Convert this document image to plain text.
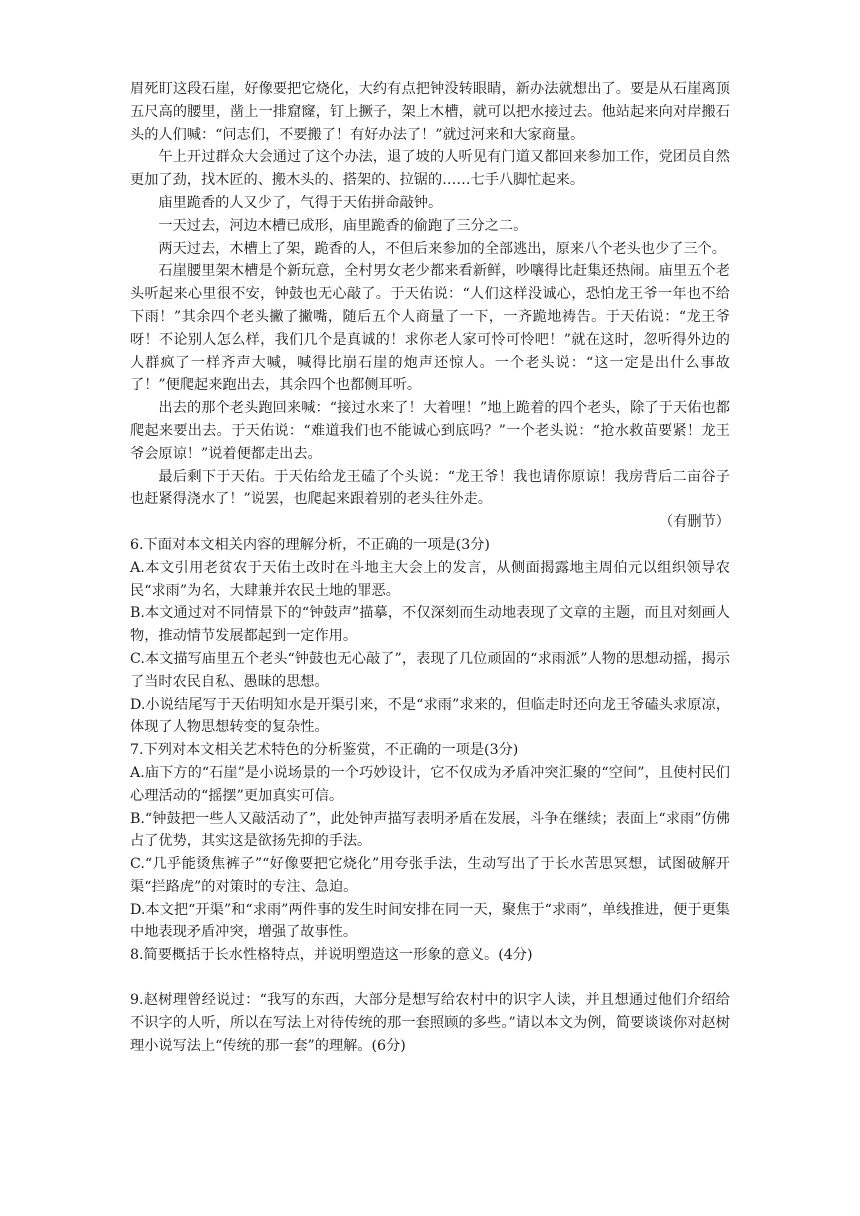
眉死盯这段石崖，好像要把它烧化，大约有点把钟没转眼睛，新办法就想出了。要是从石崖离顶五尺高的腰里，凿上一排窟窿，钉上撅子，架上木槽，就可以把水接过去。他站起来向对岸搬石头的人们喊：“问志们，不要搬了！有好办法了！”就过河来和大家商量。

午上开过群众大会通过了这个办法，退了坡的人听见有门道又都回来参加工作，党团员自然更加了劲，找木匠的、搬木头的、搭架的、拉锯的……七手八脚忙起来。

庙里跪香的人又少了，气得于天佑拼命敲钟。

一天过去，河边木槽已成形，庙里跪香的偷跑了三分之二。

两天过去，木槽上了架，跪香的人，不但后来参加的全部逃出，原来八个老头也少了三个。

石崖腰里架木槽是个新玩意，全村男女老少都来看新鲜，吵嚷得比赶集还热闹。庙里五个老头听起来心里很不安，钟鼓也无心敲了。于天佑说：“人们这样没诚心，恐怕龙王爷一年也不给下雨！”其余四个老头撇了撇嘴，随后五个人商量了一下，一齐跪地祷告。于天佑说：“龙王爷呀！不论别人怎么样，我们几个是真诚的！求你老人家可怜可怜吧！”就在这时，忽听得外边的人群疯了一样齐声大喊，喊得比崩石崖的炮声还惊人。一个老头说：“这一定是出什么事故了！”便爬起来跑出去，其余四个也都侧耳听。

出去的那个老头跑回来喊：“接过水来了！大着哩！”地上跪着的四个老头，除了于天佑也都爬起来要出去。于天佑说：“难道我们也不能诚心到底吗？”一个老头说：“抢水救苗要紧！龙王爷会原谅！”说着便都走出去。

最后剩下于天佑。于天佑给龙王磕了个头说：“龙王爷！我也请你原谅！我房背后二亩谷子也赶紧得浇水了！”说罢，也爬起来跟着别的老头往外走。

（有删节）

6.下面对本文相关内容的理解分析，不正确的一项是(3分)

A.本文引用老贫农于天佑土改时在斗地主大会上的发言，从侧面揭露地主周伯元以组织领导农民“求雨”为名，大肆兼并农民土地的罪恶。

B.本文通过对不同情景下的“钟鼓声”描摹，不仅深刻而生动地表现了文章的主题，而且对刻画人物，推动情节发展都起到一定作用。

C.本文描写庙里五个老头“钟鼓也无心敲了”，表现了几位顽固的“求雨派”人物的思想动摇，揭示了当时农民自私、愚昧的思想。

D.小说结尾写于天佑明知水是开渠引来，不是“求雨”求来的，但临走时还向龙王爷磕头求原凉，体现了人物思想转变的复杂性。

7.下列对本文相关艺术特色的分析鉴赏，不正确的一项是(3分)

A.庙下方的“石崖”是小说场景的一个巧妙设计，它不仅成为矛盾冲突汇聚的“空间”，且使村民们心理活动的“摇摆”更加真实可信。

B.“钟鼓把一些人又敲活动了”，此处钟声描写表明矛盾在发展，斗争在继续；表面上“求雨”仿佛占了优势，其实这是欲扬先抑的手法。

C.“几乎能烫焦裤子”“好像要把它烧化”用夸张手法，生动写出了于长水苦思冥想，试图破解开渠“拦路虎”的对策时的专注、急迫。

D.本文把“开渠”和“求雨”两件事的发生时间安排在同一天，聚焦于“求雨”，单线推进，便于更集中地表现矛盾冲突，增强了故事性。

8.简要概括于长水性格特点，并说明塑造这一形象的意义。(4分)

9.赵树理曾经说过：“我写的东西，大部分是想写给农村中的识字人读，并且想通过他们介绍给不识字的人听，所以在写法上对待传统的那一套照顾的多些。”请以本文为例，简要谈谈你对赵树理小说写法上“传统的那一套”的理解。(6分)
